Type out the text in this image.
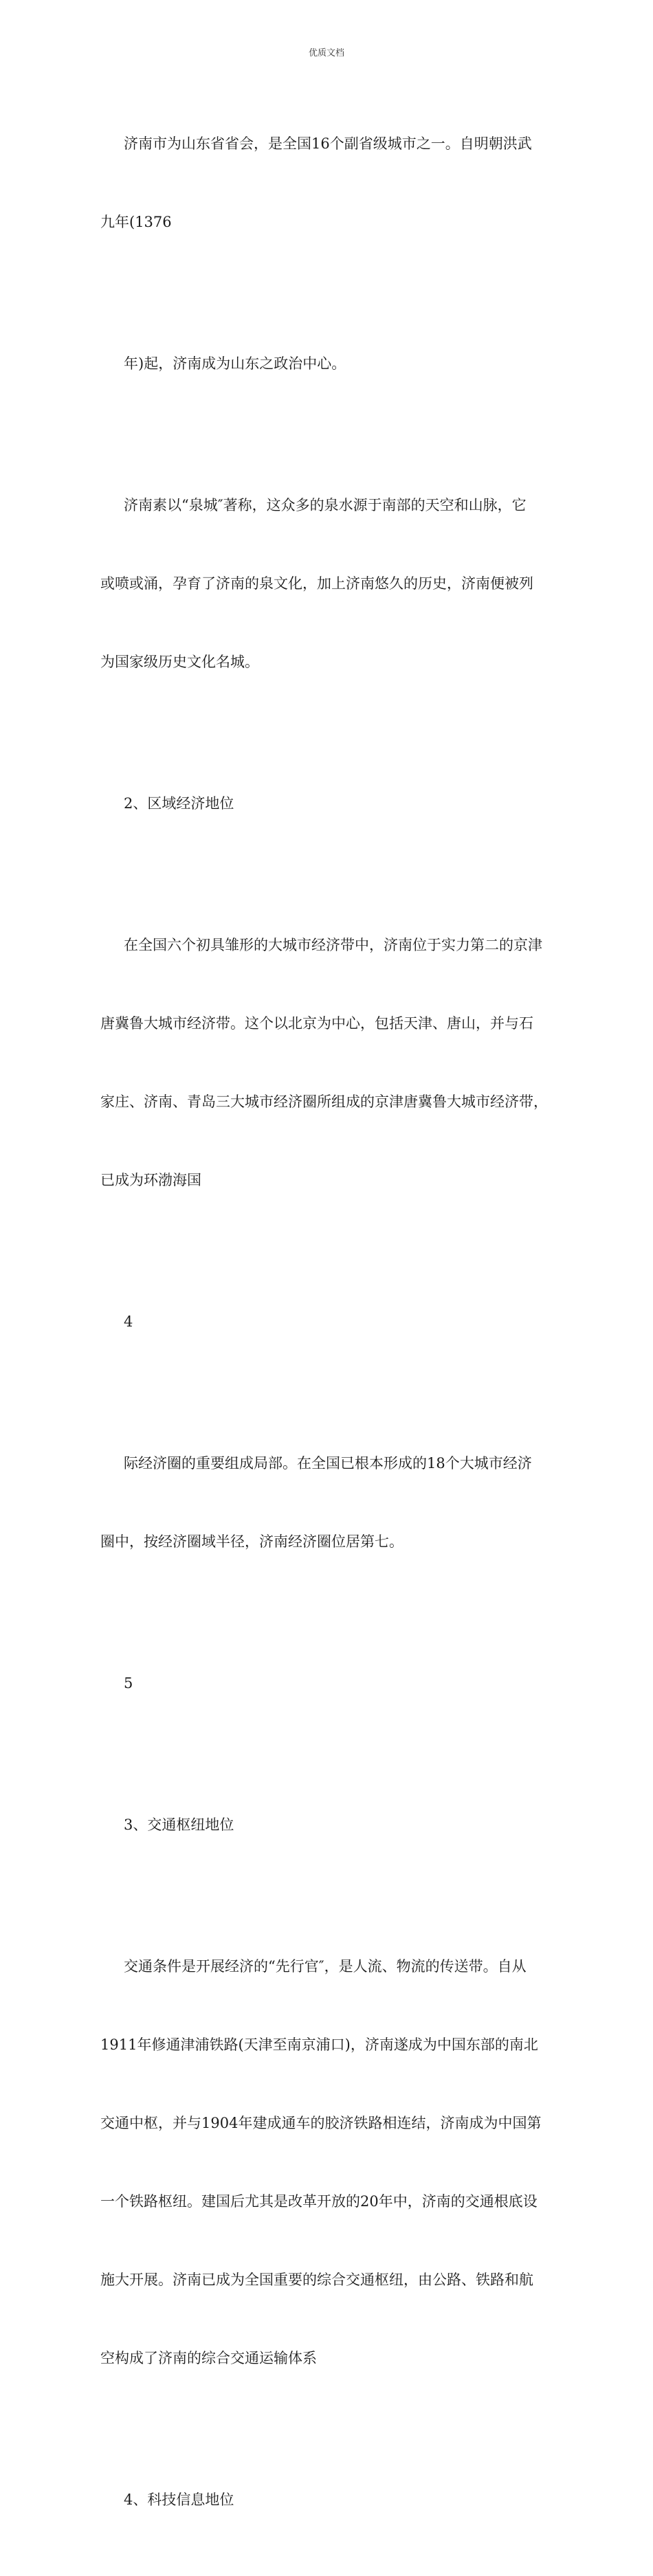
优质文档

济南市为山东省省会，是全国16个副省级城市之一。自明朝洪武

九年(1376

年)起，济南成为山东之政治中心。

济南素以“泉城″著称，这众多的泉水源于南部的天空和山脉，它

或喷或涌，孕育了济南的泉文化，加上济南悠久的历史，济南便被列

为国家级历史文化名城。

2、区域经济地位

在全国六个初具雏形的大城市经济带中，济南位于实力第二的京津

唐冀鲁大城市经济带。这个以北京为中心，包括天津、唐山，并与石

家庄、济南、青岛三大城市经济圈所组成的京津唐冀鲁大城市经济带，

已成为环渤海国

4

际经济圈的重要组成局部。在全国已根本形成的18个大城市经济

圈中，按经济圈域半径，济南经济圈位居第七。

5

3、交通枢纽地位

交通条件是开展经济的“先行官″，是人流、物流的传送带。自从

1911年修通津浦铁路(天津至南京浦口)，济南遂成为中国东部的南北

交通中枢，并与1904年建成通车的胶济铁路相连结，济南成为中国第

一个铁路枢纽。建国后尤其是改革开放的20年中，济南的交通根底设

施大开展。济南已成为全国重要的综合交通枢纽，由公路、铁路和航

空构成了济南的综合交通运输体系

4、科技信息地位
